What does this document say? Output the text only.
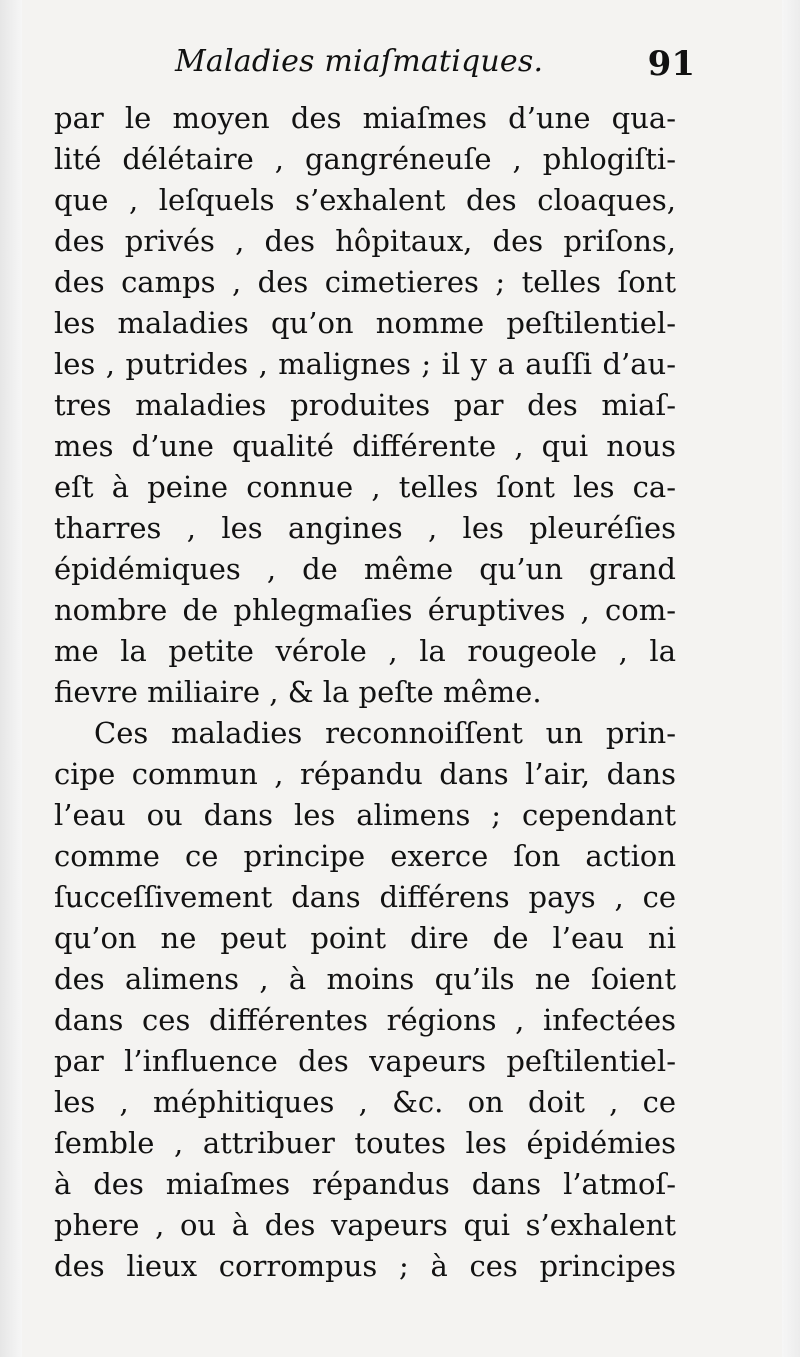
Maladies miaſmatiques.	91
par le moyen des miaſmes d’une qua-
lité délétaire , gangréneuſe , phlogiſti-
que , leſquels s’exhalent des cloaques,
des privés , des hôpitaux, des priſons,
des camps , des cimetieres ; telles ſont
les maladies qu’on nomme peſtilentiel-
les , putrides , malignes ; il y a auſſi d’au-
tres maladies produites par des miaſ-
mes d’une qualité différente , qui nous
eſt à peine connue , telles ſont les ca-
tharres , les angines , les pleuréſies
épidémiques , de même qu’un grand
nombre de phlegmaſies éruptives , com-
me la petite vérole , la rougeole , la
fievre miliaire , & la peſte même.
Ces maladies reconnoiſſent un prin-
cipe commun , répandu dans l’air, dans
l’eau ou dans les alimens ; cependant
comme ce principe exerce ſon action
ſucceſſivement dans différens pays , ce
qu’on ne peut point dire de l’eau ni
des alimens , à moins qu’ils ne ſoient
dans ces différentes régions , infectées
par l’influence des vapeurs peſtilentiel-
les , méphitiques , &c. on doit , ce
ſemble , attribuer toutes les épidémies
à des miaſmes répandus dans l’atmoſ-
phere , ou à des vapeurs qui s’exhalent
des lieux corrompus ; à ces principes
